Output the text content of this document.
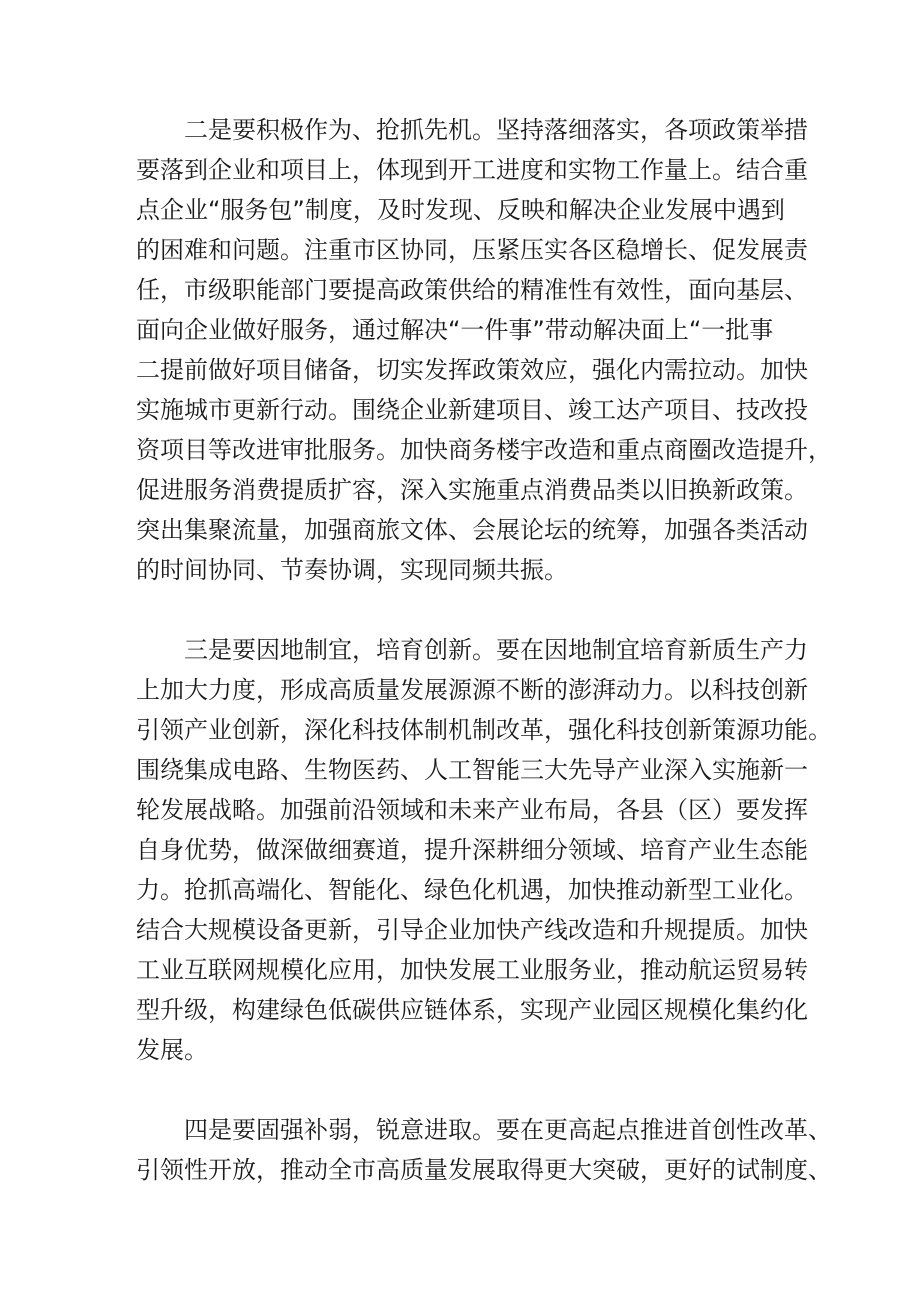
　　二是要积极作为、抢抓先机。坚持落细落实，各项政策举措
要落到企业和项目上，体现到开工进度和实物工作量上。结合重
点企业“服务包”制度，及时发现、反映和解决企业发展中遇到
的困难和问题。注重市区协同，压紧压实各区稳增长、促发展责
任，市级职能部门要提高政策供给的精准性有效性，面向基层、
面向企业做好服务，通过解决“一件事”带动解决面上“一批事
二提前做好项目储备，切实发挥政策效应，强化内需拉动。加快
实施城市更新行动。围绕企业新建项目、竣工达产项目、技改投
资项目等改进审批服务。加快商务楼宇改造和重点商圈改造提升，
促进服务消费提质扩容，深入实施重点消费品类以旧换新政策。
突出集聚流量，加强商旅文体、会展论坛的统筹，加强各类活动
的时间协同、节奏协调，实现同频共振。
　　三是要因地制宜，培育创新。要在因地制宜培育新质生产力
上加大力度，形成高质量发展源源不断的澎湃动力。以科技创新
引领产业创新，深化科技体制机制改革，强化科技创新策源功能。
围绕集成电路、生物医药、人工智能三大先导产业深入实施新一
轮发展战略。加强前沿领域和未来产业布局，各县（区）要发挥
自身优势，做深做细赛道，提升深耕细分领域、培育产业生态能
力。抢抓高端化、智能化、绿色化机遇，加快推动新型工业化。
结合大规模设备更新，引导企业加快产线改造和升规提质。加快
工业互联网规模化应用，加快发展工业服务业，推动航运贸易转
型升级，构建绿色低碳供应链体系，实现产业园区规模化集约化
发展。
　　四是要固强补弱，锐意进取。要在更高起点推进首创性改革、
引领性开放，推动全市高质量发展取得更大突破，更好的试制度、
